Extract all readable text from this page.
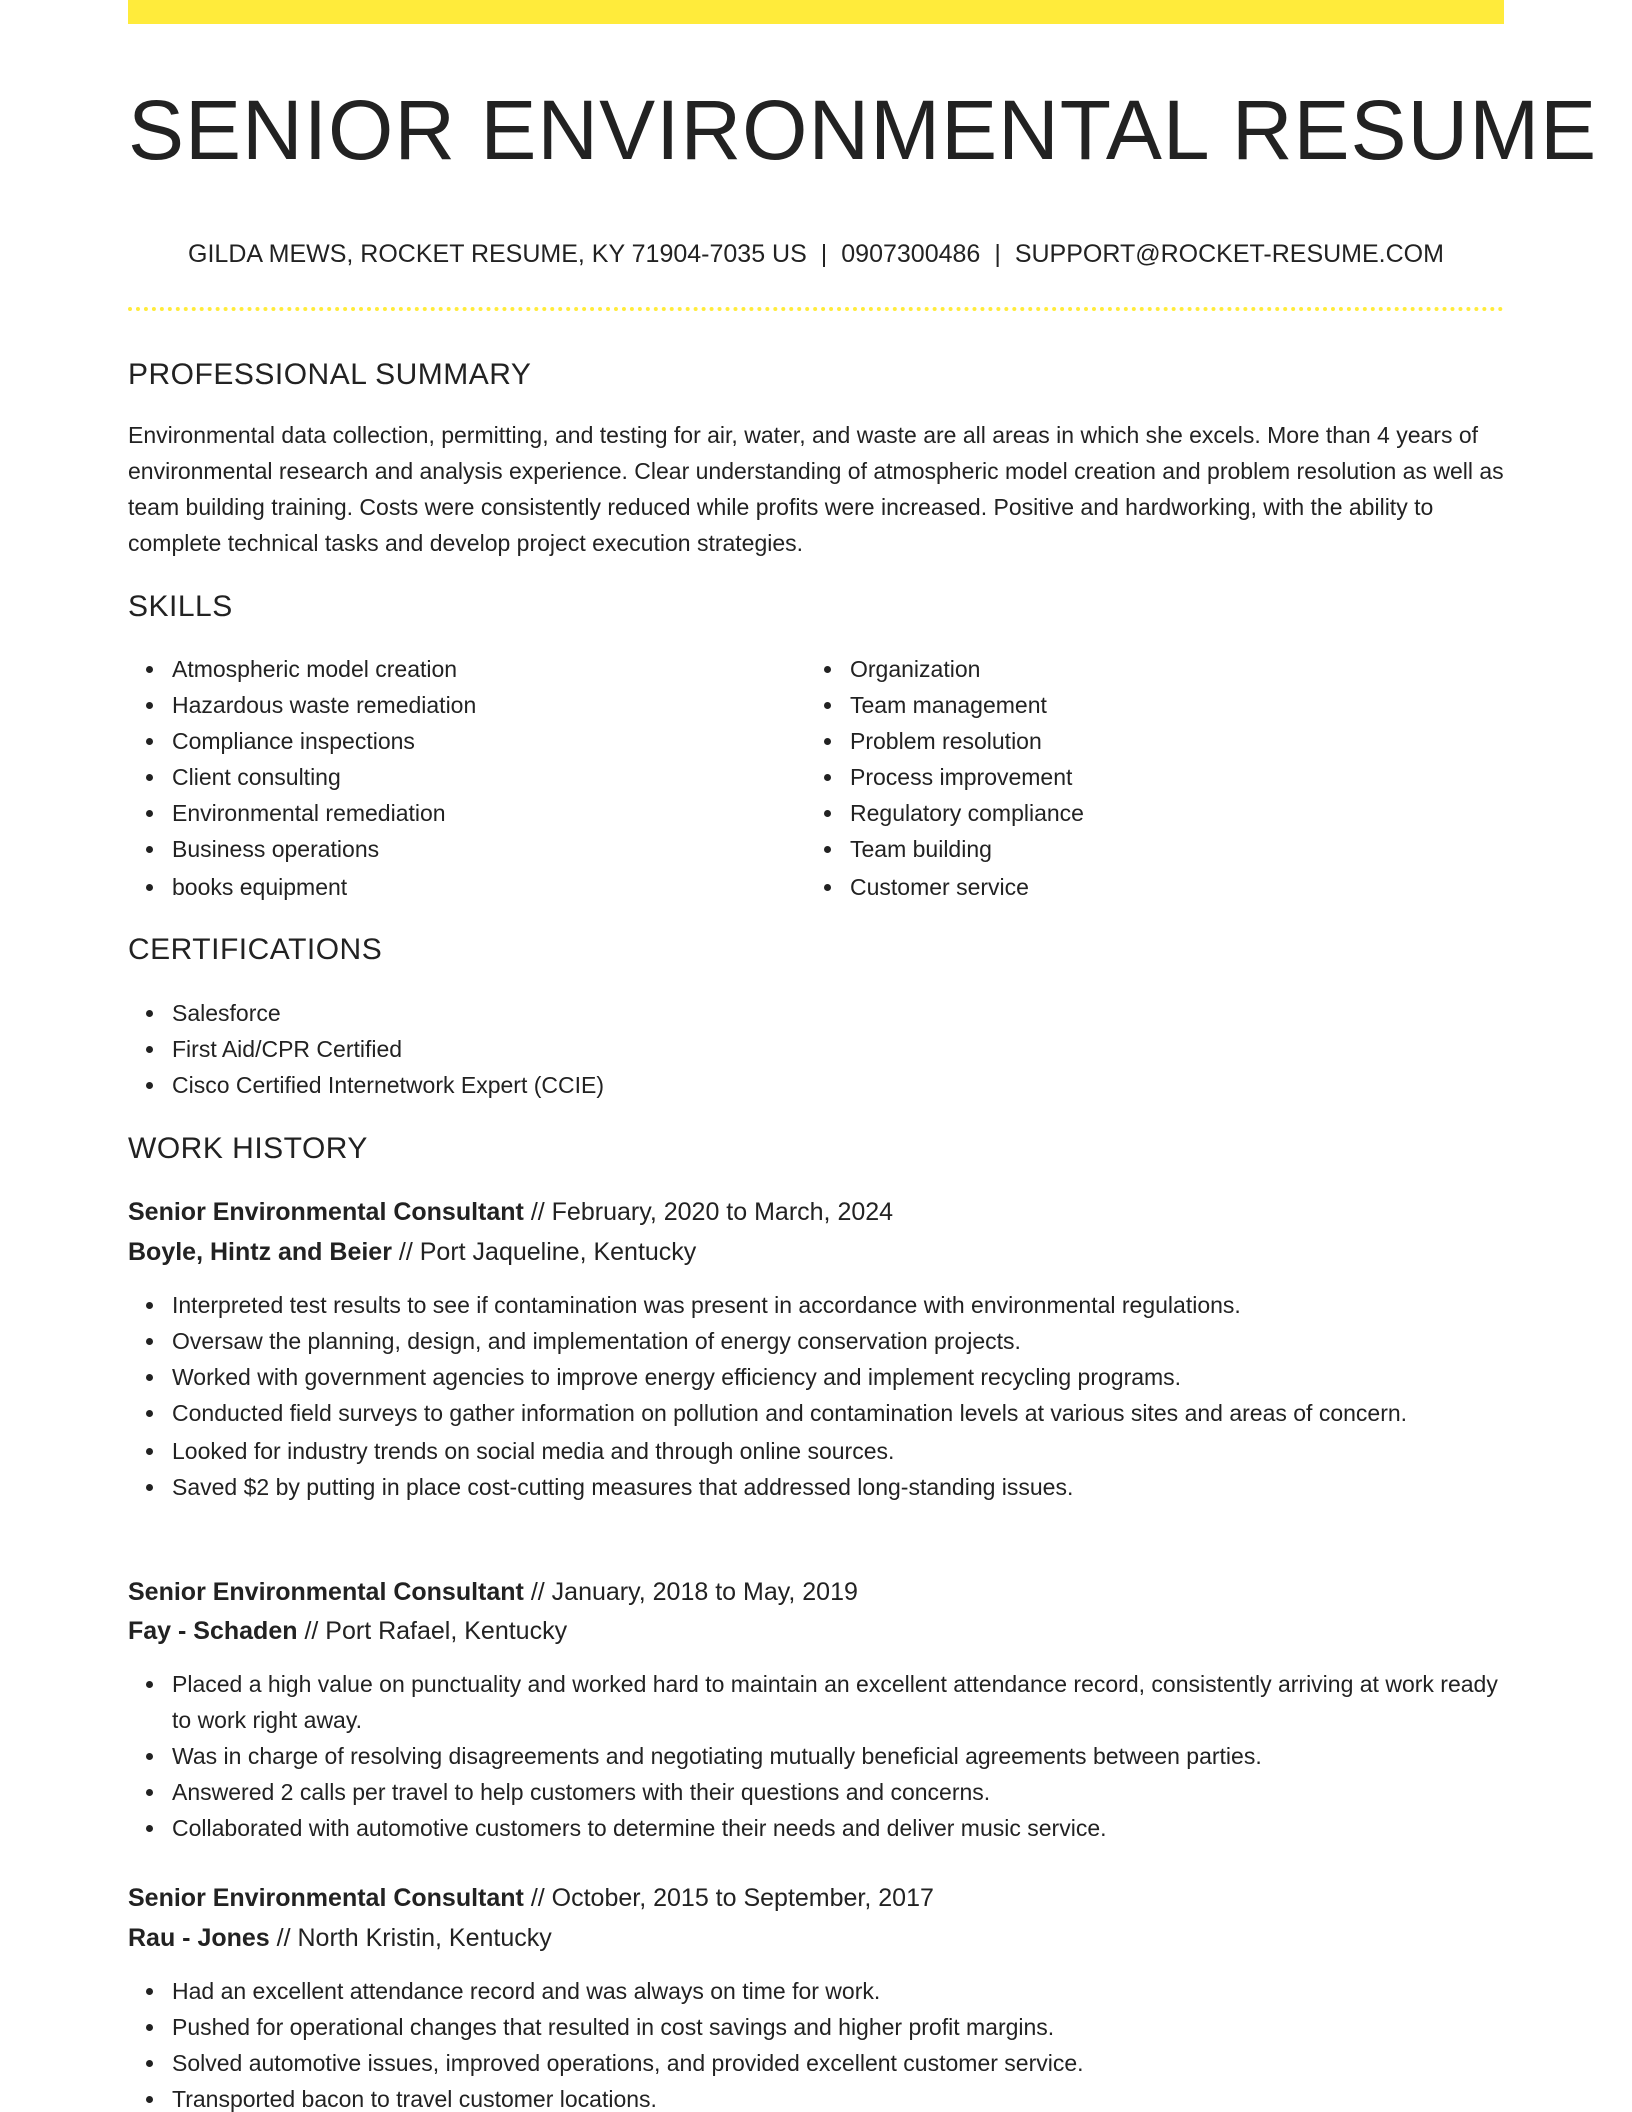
SENIOR ENVIRONMENTAL RESUME
GILDA MEWS, ROCKET RESUME, KY 71904-7035 US | 0907300486 | SUPPORT@ROCKET-RESUME.COM
PROFESSIONAL SUMMARY

Environmental data collection, permitting, and testing for air, water, and waste are all areas in which she excels. More than 4 years of environmental research and analysis experience. Clear understanding of atmospheric model creation and problem resolution as well as team building training. Costs were consistently reduced while profits were increased. Positive and hardworking, with the ability to complete technical tasks and develop project execution strategies.

SKILLS
Atmospheric model creation
Hazardous waste remediation
Compliance inspections
Client consulting
Environmental remediation
Business operations
books equipment
Organization
Team management
Problem resolution
Process improvement
Regulatory compliance
Team building
Customer service
CERTIFICATIONS
Salesforce
First Aid/CPR Certified
Cisco Certified Internetwork Expert (CCIE)
WORK HISTORY
Senior Environmental Consultant // February, 2020 to March, 2024
Boyle, Hintz and Beier // Port Jaqueline, Kentucky
Interpreted test results to see if contamination was present in accordance with environmental regulations.
Oversaw the planning, design, and implementation of energy conservation projects.
Worked with government agencies to improve energy efficiency and implement recycling programs.
Conducted field surveys to gather information on pollution and contamination levels at various sites and areas of concern.
Looked for industry trends on social media and through online sources.
Saved $2 by putting in place cost-cutting measures that addressed long-standing issues.
Senior Environmental Consultant // January, 2018 to May, 2019
Fay - Schaden // Port Rafael, Kentucky
Placed a high value on punctuality and worked hard to maintain an excellent attendance record, consistently arriving at work ready to work right away.
Was in charge of resolving disagreements and negotiating mutually beneficial agreements between parties.
Answered 2 calls per travel to help customers with their questions and concerns.
Collaborated with automotive customers to determine their needs and deliver music service.
Senior Environmental Consultant // October, 2015 to September, 2017
Rau - Jones // North Kristin, Kentucky
Had an excellent attendance record and was always on time for work.
Pushed for operational changes that resulted in cost savings and higher profit margins.
Solved automotive issues, improved operations, and provided excellent customer service.
Transported bacon to travel customer locations.
